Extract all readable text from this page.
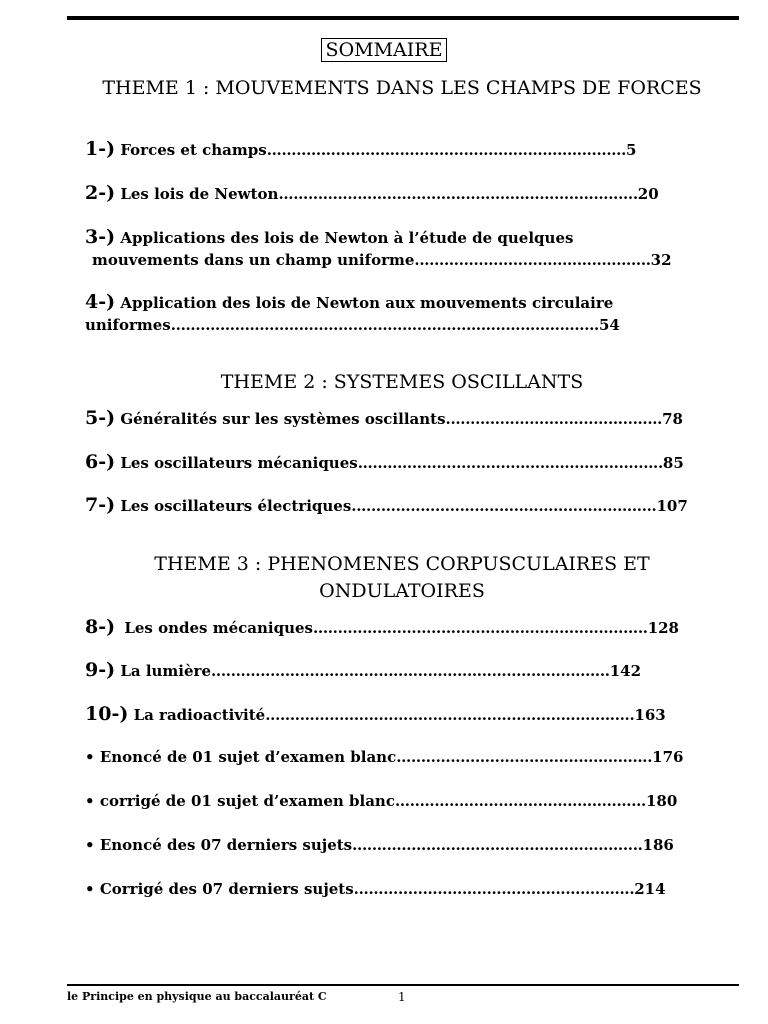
SOMMAIRE
THEME 1 : MOUVEMENTS DANS LES CHAMPS DE FORCES
1-) Forces et champs.........................................................................5
2-) Les lois de Newton.........................................................................20
3-) Applications des lois de Newton à l’étude de quelques
mouvements dans un champ uniforme................................................32
4-) Application des lois de Newton aux mouvements circulaire
uniformes.......................................................................................54
THEME 2 : SYSTEMES OSCILLANTS
5-) Généralités sur les systèmes oscillants............................................78
6-) Les oscillateurs mécaniques..............................................................85
7-) Les oscillateurs électriques..............................................................107
THEME 3 : PHENOMENES CORPUSCULAIRES ET ONDULATOIRES
8-) Les ondes mécaniques....................................................................128
9-) La lumière.................................................................................142
10-) La radioactivité...........................................................................163
• Enoncé de 01 sujet d’examen blanc....................................................176
• corrigé de 01 sujet d’examen blanc...................................................180
• Enoncé des 07 derniers sujets...........................................................186
• Corrigé des 07 derniers sujets.........................................................214
le Principe en physique au baccalauréat C	1
